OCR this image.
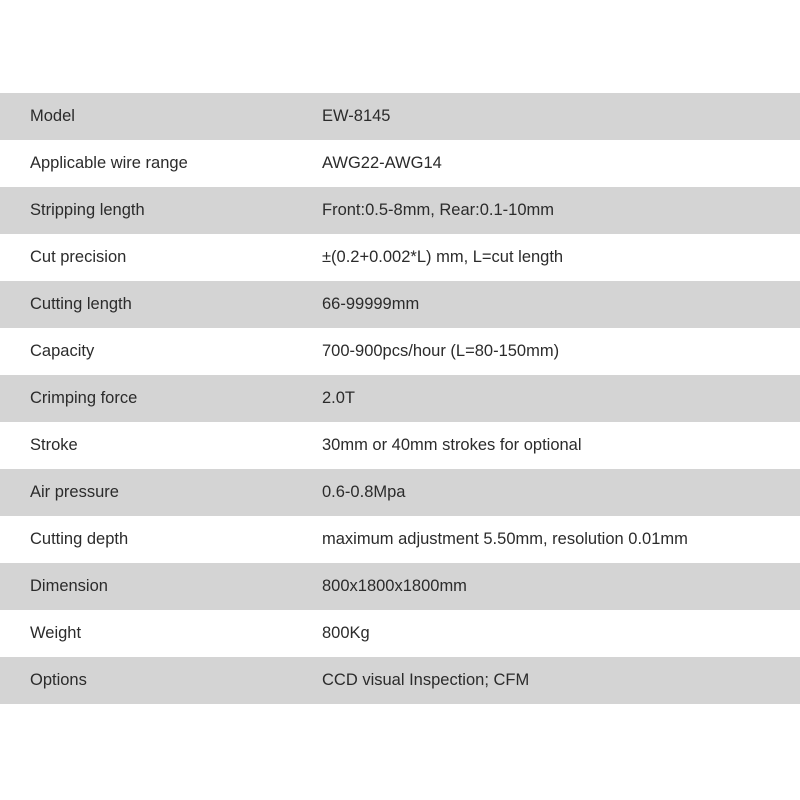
Model	EW-8145
Applicable wire range	AWG22-AWG14
Stripping length	Front:0.5-8mm, Rear:0.1-10mm
Cut precision	±(0.2+0.002*L) mm, L=cut length
Cutting length	66-99999mm
Capacity	700-900pcs/hour (L=80-150mm)
Crimping force	2.0T
Stroke	30mm or 40mm strokes for optional
Air pressure	0.6-0.8Mpa
Cutting depth	maximum adjustment 5.50mm, resolution 0.01mm
Dimension	800x1800x1800mm
Weight	800Kg
Options	CCD visual Inspection; CFM
